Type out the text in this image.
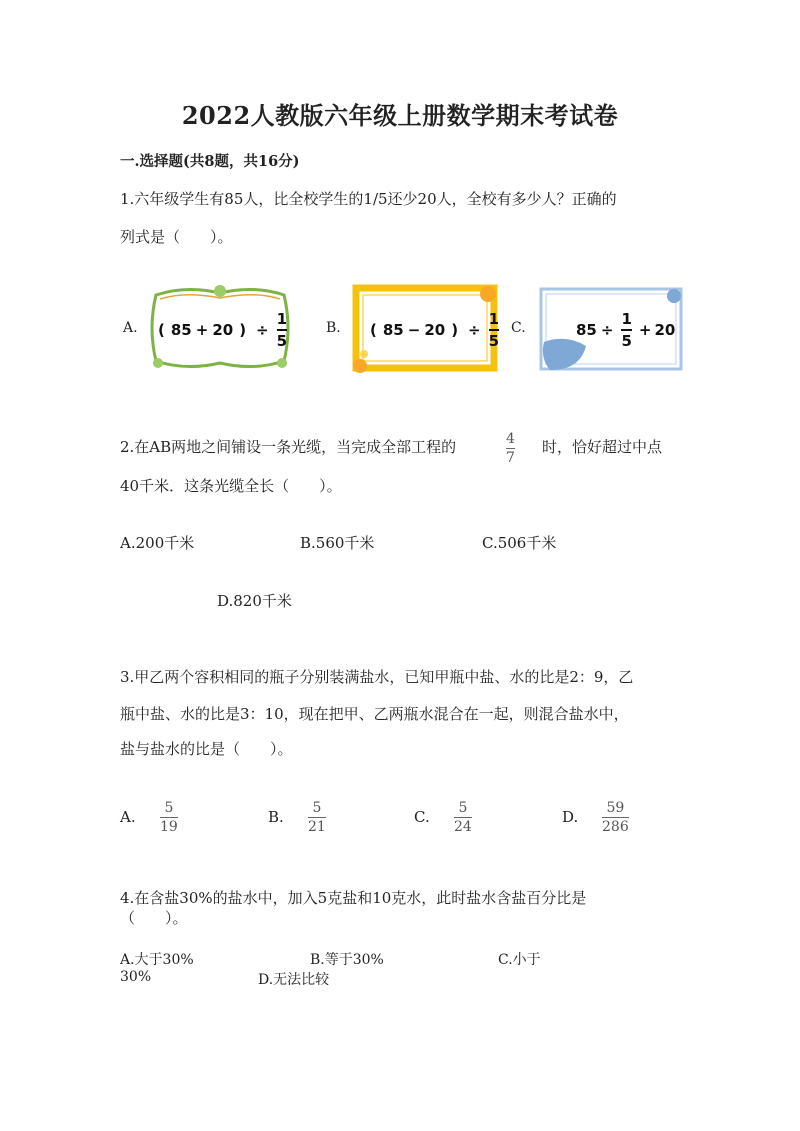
2022人教版六年级上册数学期末考试卷
一.选择题(共8题，共16分)
1.六年级学生有85人，比全校学生的1/5还少20人，全校有多少人？正确的
列式是（　　）。
A. ( 85 + 20 ) ÷ $\frac{1}{5}$	B. ( 85 − 20 ) ÷ $\frac{1}{5} C$.	$85 \div \frac{1}{5} + 20$
2.在AB两地之间铺设一条光缆，当完成全部工程的	4
7
时，恰好超过中点
40千米．这条光缆全长（　　）。
A.200千米	B.560千米	C.506千米
D.820千米
3.甲乙两个容积相同的瓶子分别装满盐水，已知甲瓶中盐、水的比是2：9，乙
瓶中盐、水的比是3：10，现在把甲、乙两瓶水混合在一起，则混合盐水中，
盐与盐水的比是（　　）。
A. 5
19
B. 5
21
C. 5
24
D. 59
286
4.在含盐30%的盐水中，加入5克盐和10克水，此时盐水含盐百分比是
（　　）。
A.大于30%	B.等于30%	C.小于
30%	D.无法比较
